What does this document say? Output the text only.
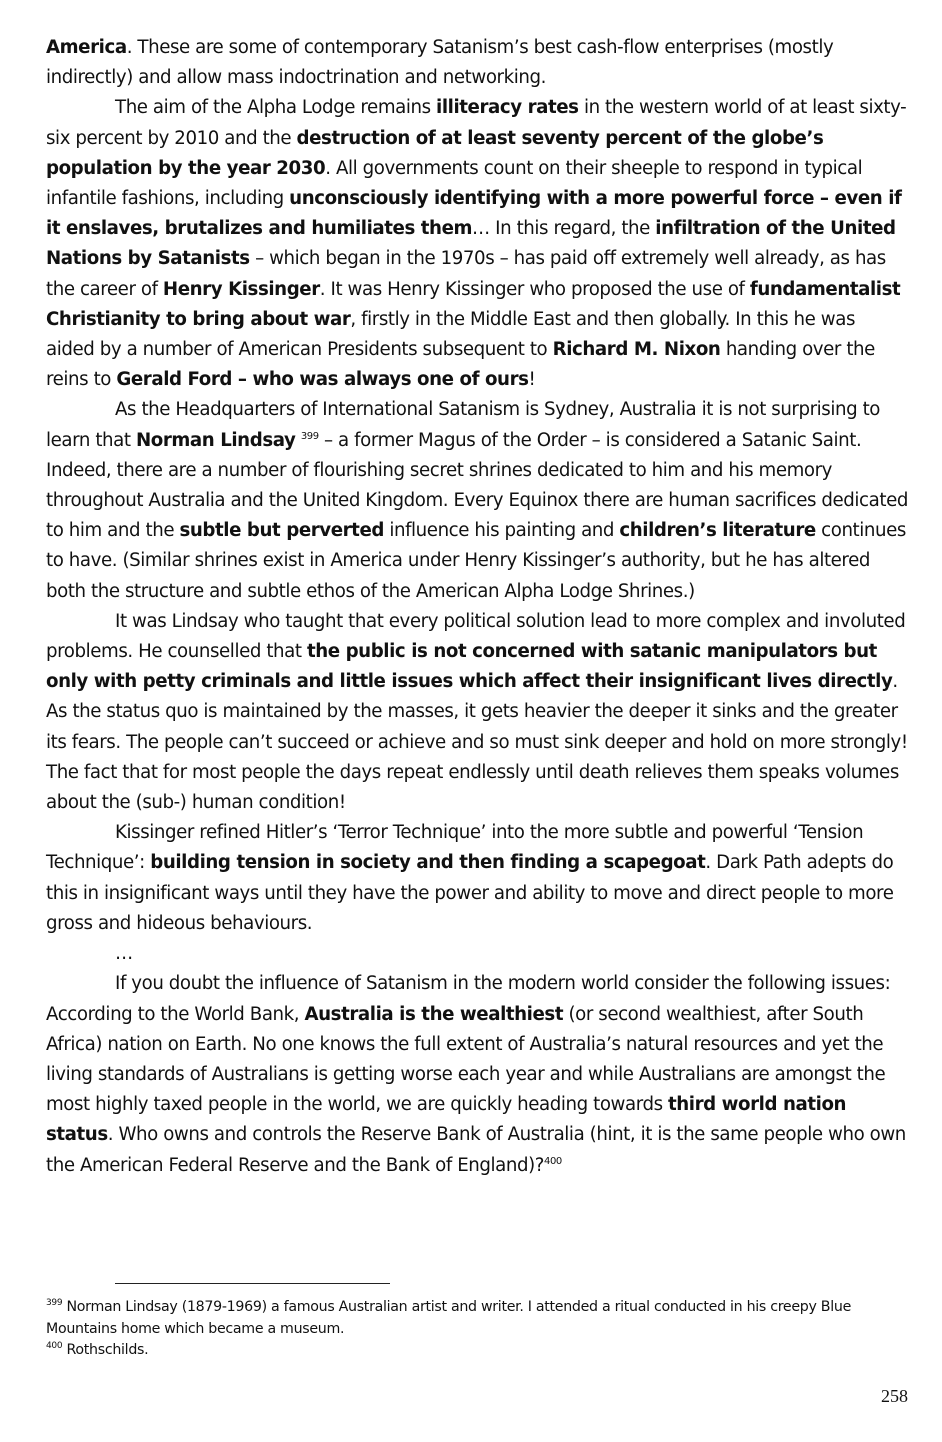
America. These are some of contemporary Satanism’s best cash-flow enterprises (mostly indirectly) and allow mass indoctrination and networking.

The aim of the Alpha Lodge remains illiteracy rates in the western world of at least sixty-six percent by 2010 and the destruction of at least seventy percent of the globe’s population by the year 2030. All governments count on their sheeple to respond in typical infantile fashions, including unconsciously identifying with a more powerful force – even if it enslaves, brutalizes and humiliates them… In this regard, the infiltration of the United Nations by Satanists – which began in the 1970s – has paid off extremely well already, as has the career of Henry Kissinger. It was Henry Kissinger who proposed the use of fundamentalist Christianity to bring about war, firstly in the Middle East and then globally. In this he was aided by a number of American Presidents subsequent to Richard M. Nixon handing over the reins to Gerald Ford – who was always one of ours!

As the Headquarters of International Satanism is Sydney, Australia it is not surprising to learn that Norman Lindsay $^{399}$ – a former Magus of the Order – is considered a Satanic Saint. Indeed, there are a number of flourishing secret shrines dedicated to him and his memory throughout Australia and the United Kingdom. Every Equinox there are human sacrifices dedicated to him and the subtle but perverted influence his painting and children’s literature continues to have. (Similar shrines exist in America under Henry Kissinger’s authority, but he has altered both the structure and subtle ethos of the American Alpha Lodge Shrines.)

It was Lindsay who taught that every political solution lead to more complex and involuted problems. He counselled that the public is not concerned with satanic manipulators but only with petty criminals and little issues which affect their insignificant lives directly. As the status quo is maintained by the masses, it gets heavier the deeper it sinks and the greater its fears. The people can’t succeed or achieve and so must sink deeper and hold on more strongly! The fact that for most people the days repeat endlessly until death relieves them speaks volumes about the (sub-) human condition!

Kissinger refined Hitler’s ‘Terror Technique’ into the more subtle and powerful ‘Tension Technique’: building tension in society and then finding a scapegoat. Dark Path adepts do this in insignificant ways until they have the power and ability to move and direct people to more gross and hideous behaviours.

…

If you doubt the influence of Satanism in the modern world consider the following issues: According to the World Bank, Australia is the wealthiest (or second wealthiest, after South Africa) nation on Earth. No one knows the full extent of Australia’s natural resources and yet the living standards of Australians is getting worse each year and while Australians are amongst the most highly taxed people in the world, we are quickly heading towards third world nation status. Who owns and controls the Reserve Bank of Australia (hint, it is the same people who own the American Federal Reserve and the Bank of England)?$^{400}$

$^{399}$ Norman Lindsay (1879-1969) a famous Australian artist and writer. I attended a ritual conducted in his creepy Blue Mountains home which became a museum.

$^{400}$ Rothschilds.

258
